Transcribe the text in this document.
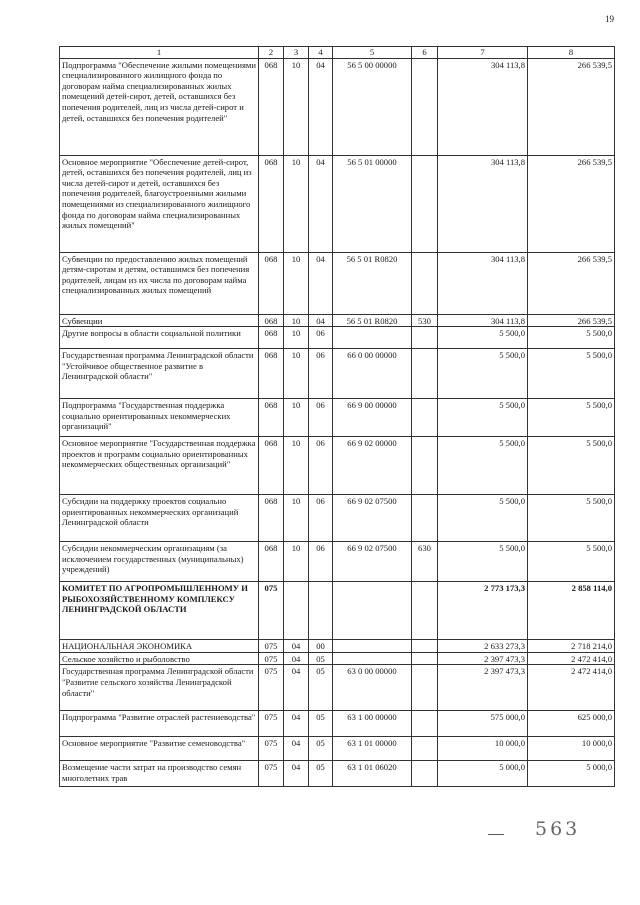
19
1	2	3	4	5	6	7	8
Подпрограмма "Обеспечение жилыми помещениями специализированного жилищного фонда по договорам найма специализированных жилых помещений детей-сирот, детей, оставшихся без попечения родителей, лиц из числа детей-сирот и детей, оставшихся без попечения родителей"	068	10	04	56 5 00 00000		304 113,8	266 539,5
Основное мероприятие "Обеспечение детей-сирот, детей, оставшихся без попечения родителей, лиц из числа детей-сирот и детей, оставшихся без попечения родителей, благоустроенными жилыми помещениями из специализированного жилищного фонда по договорам найма специализированных жилых помещений"	068	10	04	56 5 01 00000		304 113,8	266 539,5
Субвенции по предоставлению жилых помещений детям-сиротам и детям, оставшимся без попечения родителей, лицам из их числа по договорам найма специализированных жилых помещений	068	10	04	56 5 01 R0820		304 113,8	266 539,5
Субвенции	068	10	04	56 5 01 R0820	530	304 113,8	266 539,5
Другие вопросы в области социальной политики	068	10	06			5 500,0	5 500,0
Государственная программа Ленинградской области "Устойчивое общественное развитие в Ленинградской области"	068	10	06	66 0 00 00000		5 500,0	5 500,0
Подпрограмма "Государственная поддержка социально ориентированных некоммерческих организаций"	068	10	06	66 9 00 00000		5 500,0	5 500,0
Основное мероприятие "Государственная поддержка проектов и программ социально ориентированных некоммерческих общественных организаций"	068	10	06	66 9 02 00000		5 500,0	5 500,0
Субсидии на поддержку проектов социально ориентированных некоммерческих организаций Ленинградской области	068	10	06	66 9 02 07500		5 500,0	5 500,0
Субсидии некоммерческим организациям (за исключением государственных (муниципальных) учреждений)	068	10	06	66 9 02 07500	630	5 500,0	5 500,0
КОМИТЕТ ПО АГРОПРОМЫШЛЕННОМУ И РЫБОХОЗЯЙСТВЕННОМУ КОМПЛЕКСУ ЛЕНИНГРАДСКОЙ ОБЛАСТИ	075					2 773 173,3	2 858 114,0
НАЦИОНАЛЬНАЯ ЭКОНОМИКА	075	04	00			2 633 273,3	2 718 214,0
Сельское хозяйство и рыболовство	075	04	05			2 397 473,3	2 472 414,0
Государственная программа Ленинградской области "Развитие сельского хозяйства Ленинградской области"	075	04	05	63 0 00 00000		2 397 473,3	2 472 414,0
Подпрограмма "Развитие отраслей растениеводства"	075	04	05	63 1 00 00000		575 000,0	625 000,0
Основное мероприятие "Развитие семеноводства"	075	04	05	63 1 01 00000		10 000,0	10 000,0
Возмещение части затрат на производство семян многолетних трав	075	04	05	63 1 01 06020		5 000,0	5 000,0
563
